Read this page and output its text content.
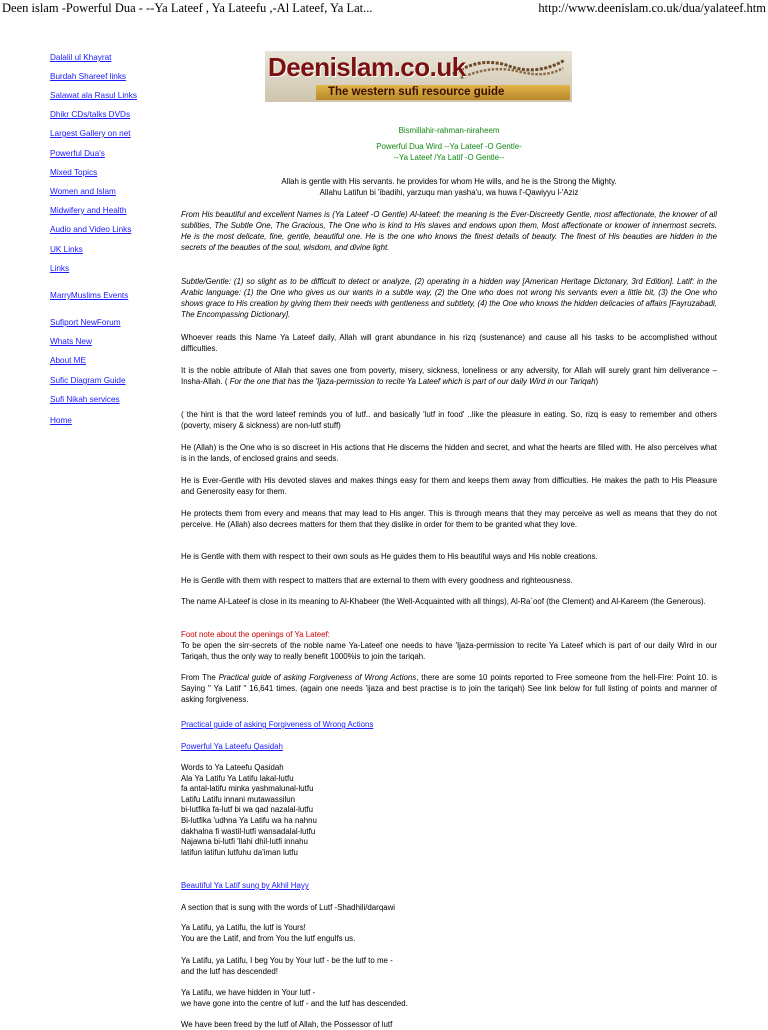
Deen islam -Powerful Dua - --Ya Lateef , Ya Lateefu ,-Al Lateef, Ya Lat...	http://www.deenislam.co.uk/dua/yalateef.htm
Dalalil ul Khayrat
Burdah Shareef links
Salawat ala Rasul Links
Dhikr CDs/talks DVDs
Largest Gallery on net
Powerful Dua's
Mixed Topics
Women and Islam
Midwifery and Health
Audio and Video Links
UK Links
Links
MarryMuslims Events
Sufiport NewForum
Whats New
About ME
Sufic Diagram Guide
Sufi Nikah services
Home
Deenislam.co.uk
The western sufi resource guide
Bismillahir-rahman-niraheem
Powerful Dua Wird --Ya Lateef -O Gentle-
--Ya Lateef /Ya Latif -O Gentle--
Allah is gentle with His servants. he provides for whom He wills, and he is the Strong the Mighty.
Allahu Latifun bi 'ibadihi, yarzuqu man yasha'u, wa huwa l'-Qawiyyu l-'Aziz
From His beautiful and excellent Names is (Ya Lateef -O Gentle) Al-lateef: the meaning is the Ever-Discreetly Gentle, most affectionate, the knower of all sublities, The Subtle One, The Gracious, The One who is kind to His slaves and endows upon them, Most affectionate or knower of innermost secrets. He is the most delicate, fine, gentle, beautiful one. He is the one who knows the finest details of beauty. The finest of His beauties are hidden in the secrets of the beauties of the soul, wisdom, and divine light.
Subtle/Gentle: (1) so slight as to be difficult to detect or analyze, (2) operating in a hidden way [American Heritage Dictonary, 3rd Edition]. Latif: in the Arabic language: (1) the One who gives us our wants in a subtle way, (2) the One who does not wrong his servants even a little bit, (3) the One who shows grace to His creation by giving them their needs with gentleness and subtlety, (4) the One who knows the hidden delicacies of affairs [Fayruzabadi, The Encompassing Dictionary].
Whoever reads this Name Ya Lateef daily, Allah will grant abundance in his rizq (sustenance) and cause all his tasks to be accomplished without difficulties.
It is the noble attribute of Allah that saves one from poverty, misery, sickness, loneliness or any adversity, for Allah will surely grant him deliverance – Insha-Allah. ( For the one that has the 'Ijaza-permission to recite Ya Lateef which is part of our daily Wird in our Tariqah)
( the hint is that the word lateef reminds you of lutf.. and basically 'lutf in food' ..like the pleasure in eating. So, rizq is easy to remember and others (poverty, misery & sickness) are non-lutf stuff)
He (Allah) is the One who is so discreet in His actions that He discerns the hidden and secret, and what the hearts are filled with. He also perceives what is in the lands, of enclosed grains and seeds.
He is Ever-Gentle with His devoted slaves and makes things easy for them and keeps them away from difficulties. He makes the path to His Pleasure and Generosity easy for them.
He protects them from every and means that may lead to His anger. This is through means that they may perceive as well as means that they do not perceive. He (Allah) also decrees matters for them that they dislike in order for them to be granted what they love.
He is Gentle with them with respect to their own souls as He guides them to His beautiful ways and His noble creations.
He is Gentle with them with respect to matters that are external to them with every goodness and righteousness.
The name Al-Lateef is close in its meaning to Al-Khabeer (the Well-Acquainted with all things), Al-Ra`oof (the Clement) and Al-Kareem (the Generous).
Foot note about the openings of Ya Lateef:
To be open the sirr-secrets of the noble name Ya-Lateef one needs to have 'Ijaza-permission to recite Ya Lateef which is part of our daily Wird in our Tariqah, thus the only way to really benefit 1000%is to join the tariqah.
From The Practical guide of asking Forgiveness of Wrong Actions, there are some 10 points reported to Free someone from the hell-Fire: Point 10. is Saying " Ya Latif " 16,641 times. (again one needs 'ijaza and best practise is to join the tariqah) See link below for full listing of points and manner of asking forgiveness.
Practical guide of asking Forgiveness of Wrong Actions
Powerful Ya Lateefu Qasidah
Words to Ya Lateefu Qasidah
Ala Ya Latifu Ya Latifu lakal-lutfu
fa antal-latifu minka yashmalunal-lutfu
Latifu Latifu innani mutawassilun
bi-lutfika fa-lutf bi wa qad nazalal-lutfu
Bi-lutfika 'udhna Ya Latifu wa ha nahnu
dakhalna fi wastil-lutfi wansadalal-lutfu
Najawna bi-lutfi 'llahi dhil-lutfi innahu
latifun latifun lutfuhu da'iman lutfu
Beautiful Ya Latif sung by Akhil Hayy
A section that is sung with the words of Lutf -Shadhili/darqawi
Ya Latifu, ya Latifu, the lutf is Yours!
You are the Latif, and from You the lutf engulfs us.
Ya Latifu, ya Latifu, I beg You by Your lutf - be the lutf to me -
and the lutf has descended!
Ya Latifu, we have hidden in Your lutf -
we have gone into the centre of lutf - and the lutf has descended.
We have been freed by the lutf of Allah, the Possessor of lutf
